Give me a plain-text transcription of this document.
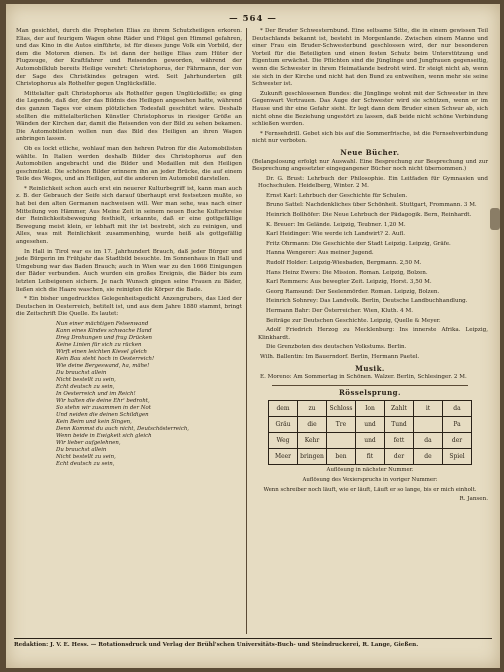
— 564 —

Man gesichtet, durch die Propheten Elias zu ihrem Schutzheiligen erkoren. Elias, der auf feurigem Wagen ohne Räder und Flügel gen Himmel gefahren, und das Kino in die Autos einführte, ist für dieses junge Volk ein Vorbild, der dem die Motoren dienen. Es ist dann der heilige Elias zum Hüter der Flugzeuge, der Kraftfahrer und Reisenden geworden, während der Automobilklub bereits Heilige verehrt: Christophorus, der Fährmann, der von der Sage des Christkindes getragen wird. Seit Jahrhunderten gilt Christophorus als Rothelfer gegen Unglücksfälle.

Mittelalter galt Christophorus als Rothelfer gegen Unglücksfälle; es ging die Legende, daß der, der das Bildnis des Heiligen angesehen hatte, während des ganzen Tages vor einem plötzlichen Todesfall geschützt wäre. Deshalb stellten die mittelalterlichen Künstler Christophorus in riesiger Größe an Wänden der Kirchen dar, damit die Reisenden von der Bild zu sehen bekamen. Die Automobilisten wollen nun das Bild des Heiligen an ihren Wagen anbringen lassen.

Ob es lockt etliche, wohlauf man den hehren Patron für die Automobilisten wählte. In Italien werden deshalb Bilder des Christophorus auf den Automobilen angebracht und die Bilder und Medaillen mit den Heiligen geschmückt. Die schönen Bilder erinnern ihn an jeder Brücke, die auf einem Teile des Weges, und an Heiligen, auf die anderen im Automobil darstellen.

* Reinlichkeit schon auch erst ein neuerer Kulturbegriff ist, kann man auch z. B. der Gebrauch der Seife sich darauf überhaupt erst festsetzen mußte, so hat bei den alten Germanen nachweisen will. Wer man sehe, was nach einer Mitteilung von Hämmer, Aus Meine Zeit in seinem neuen Buche Kulturkreise der Reinlichkeitsbewegung festhielt, erkannte, daß er eine gottgefällige Bewegung meist klein, er lebhaft mit ihr ist bestrebt, sich zu reinigen, und Alles, was mit Reinlichkeit zusammenhing, wurde heiß als gottgefällig angesehen.

In Hall in Tirol war es im 17. Jahrhundert Brauch, daß jeder Bürger und jede Bürgerin im Frühjahr das Stadtbild besuchte. Im Sonnenhaus in Hall und Umgebung war das Baden Brauch; auch in Wien war zu den 1666 Einigungen der Bäder verbunden. Auch wurden ein großes Ereignis, die Bäder bis zum letzten Leibeigenen sichern. Je nach Wunsch gingen seine Frauen zu Bäder, ließen sich die Haare waschen, sie reinigten die Körper die Bade.

* Ein bisher ungedrucktes Gelegenheitsgedicht Anzengrubers, das Lied der Deutschen in Oesterreich, betitelt ist, und aus dem Jahre 1880 stammt, bringt die Zeitschrift Die Quelle. Es lautet:

Nun einer mächtigen Felsenwand
Kann eines Kindes schwache Hand
Dreg Drohungen und frag Drücken
Keine Linien für sich zu rücken
Wirft einen leichten Kiesel gleich
Kein Bau steht hoch in Oesterreich!
Wie deine Bergeswand, ha, mähe!
Du brauchst allein
Nicht bestellt zu sein,
Echt deutsch zu sein,
In Oesterreich und im Reich!
Wir halten die deine Ehr' bedroht,
So stehn wir zusammen in der Not
Und neiden die deinen Schildigen
Kein Beim und kein Singen,
Denn Kommst du auch nicht, Deutschösterreich,
Wenn beide in Ewigkeit sich gleich
Wir lieber aufgelehnen,
Du brauchst allein
Nicht bestellt zu sein,
Echt deutsch zu sein,

* Der Bruder Schwesternbund. Eine seltsame Sitte, die in einem gewissen Teil Deutschlands bekannt ist, besteht in Morgenlande. Zwischen einem Manne und einer Frau ein Bruder-Schwesterbund geschlossen wird, der nur besonderen Vorteil für die Beteiligten und einen festen Schutz beim Unterstützung und Eigentum erwächst. Die Pflichten sind die Jünglinge und Jungfrauen gegenseitig, wenn die Schwester in ihrem Heimatlande bedroht wird. Er steigt nicht ab, wenn sie sich in der Kirche und nicht hat den Bund zu entweihen, wenn mehr sie seine Schwester ist.

Zukunft geschlossenen Bundes: die Jünglinge wohnt mit der Schwester in ihre Gegenwart Vertrauen. Das Auge der Schwester wird sie schützen, wenn er im Hause und ihr eine Gefahr sieht. Er legt dann dem Bruder einen Schwur ab, sich nicht ohne die Beziehung ungestört zu lassen, daß beide nicht schöne Verbindung schließen werden.

* Fernsehdrill. Gebet sich bis auf die Sommerfrische, ist die Fernsehverbindung nicht nur verboten.

Neue Bücher.

(Belangslosung erfolgt nur Auswahl. Eine Besprechung zur Besprechung und zur Besprechung angesetzter eingegangener Bücher noch nicht übernommen.)

Dr. G. Brust: Lehrbuch der Philosophie. Ein Leitfaden für Gymnasien und Hochschulen. Heidelberg, Winter. 2 M.

Ernst Karl: Lehrbuch der Geschichte für Schulen.

Bruno Sattel: Nachdenkliches über Schönheit. Stuttgart, Frommann. 3 M.

Heinrich Bollhöfer: Die Neue Lehrbuch der Pädagogik. Bern, Reinhardt.

K. Breuer: Im Gelände. Leipzig, Teubner. 1,20 M.

Karl Heidinger: Wie werde ich Landwirt? 2. Aufl.

Fritz Ohrmann: Die Geschichte der Stadt Leipzig. Leipzig, Gräfe.

Hanna Wengerer: Aus meiner Jugend.

Rudolf Holder: Leipzig-Wiesbaden, Bergmann. 2,50 M.

Hans Heinz Ewers: Die Mission. Roman. Leipzig, Bolzen.

Karl Remmers: Aus bewegter Zeit. Leipzig, Horst. 3,50 M.

Georg Ramsund: Der Seelenmörder. Roman. Leipzig, Bolzen.

Heinrich Sohnrey: Das Landvolk. Berlin, Deutsche Landbuchhandlung.

Hermann Bahr: Der Österreicher. Wien, Kluth. 4 M.

Beiträge zur Deutschen Geschichte. Leipzig, Quelle & Meyer.

Adolf Friedrich Herzog zu Mecklenburg: Ins innerste Afrika. Leipzig, Klinkhardt.

Die Grenzboten des deutschen Volkstums. Berlin.

Wilh. Ballentin: Im Bauerndorf. Berlin, Hermann Paetel.

Musik.

E. Moreno: Am Sommertag in Schönen. Walzer. Berlin, Schlesinger. 2 M.

Rösselsprung.
dem	zu	Schloss	Ion	Zahlt	it	da
Gräu	die	Tre	und	Tund		Pa
Weg	Kehr		und	fett	da	der
Meer	bringen	ben	fit	der	de	Spiel
Auflösung in nächster Nummer.
Auflösung des Vexierspruchs in voriger Nummer:
Wenn schreiber noch läuft, wie er läuft, Läuft er so lange, bis er mich einholt.
R. Jansen.
Redaktion: J. V. E. Hess. — Rotationsdruck und Verlag der Brühl'schen Universitäts-Buch- und Steindruckerei, R. Lange, Gießen.
